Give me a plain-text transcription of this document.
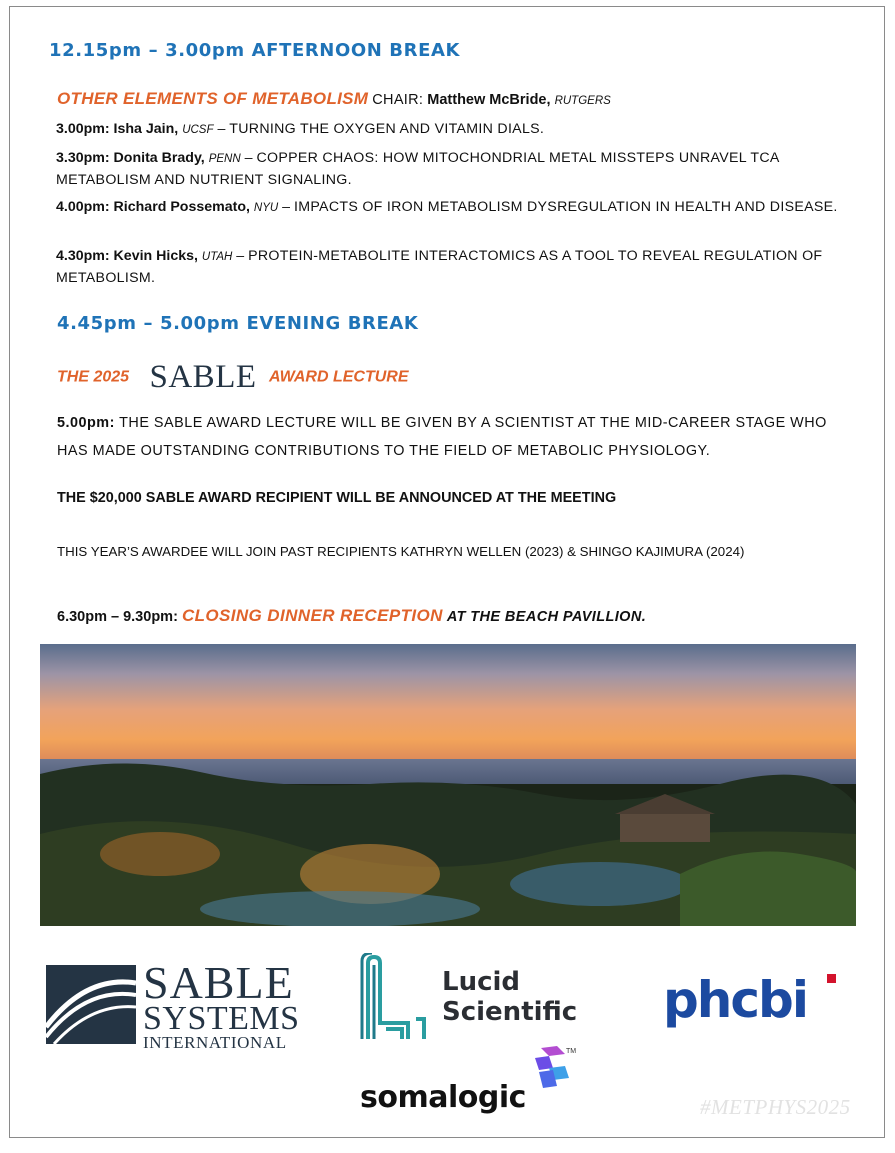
12.15pm – 3.00pm AFTERNOON BREAK
OTHER ELEMENTS OF METABOLISM CHAIR: Matthew McBride, RUTGERS
3.00pm: Isha Jain, UCSF – TURNING THE OXYGEN AND VITAMIN DIALS.
3.30pm: Donita Brady, PENN – COPPER CHAOS: HOW MITOCHONDRIAL METAL MISSTEPS UNRAVEL TCA METABOLISM AND NUTRIENT SIGNALING.
4.00pm: Richard Possemato, NYU – IMPACTS OF IRON METABOLISM DYSREGULATION IN HEALTH AND DISEASE.
4.30pm: Kevin Hicks, UTAH – PROTEIN-METABOLITE INTERACTOMICS AS A TOOL TO REVEAL REGULATION OF METABOLISM.
4.45pm – 5.00pm EVENING BREAK
THE 2025 SABLE AWARD LECTURE
5.00pm: THE SABLE AWARD LECTURE WILL BE GIVEN BY A SCIENTIST AT THE MID-CAREER STAGE WHO HAS MADE OUTSTANDING CONTRIBUTIONS TO THE FIELD OF METABOLIC PHYSIOLOGY.
THE $20,000 SABLE AWARD RECIPIENT WILL BE ANNOUNCED AT THE MEETING
THIS YEAR’S AWARDEE WILL JOIN PAST RECIPIENTS KATHRYN WELLEN (2023) & SHINGO KAJIMURA (2024)
6.30pm – 9.30pm: CLOSING DINNER RECEPTION AT THE BEACH PAVILLION.
SABLE
SYSTEMS
INTERNATIONAL
Lucid
Scientific phcbi
TM
somalogic	#METPHYS2025
